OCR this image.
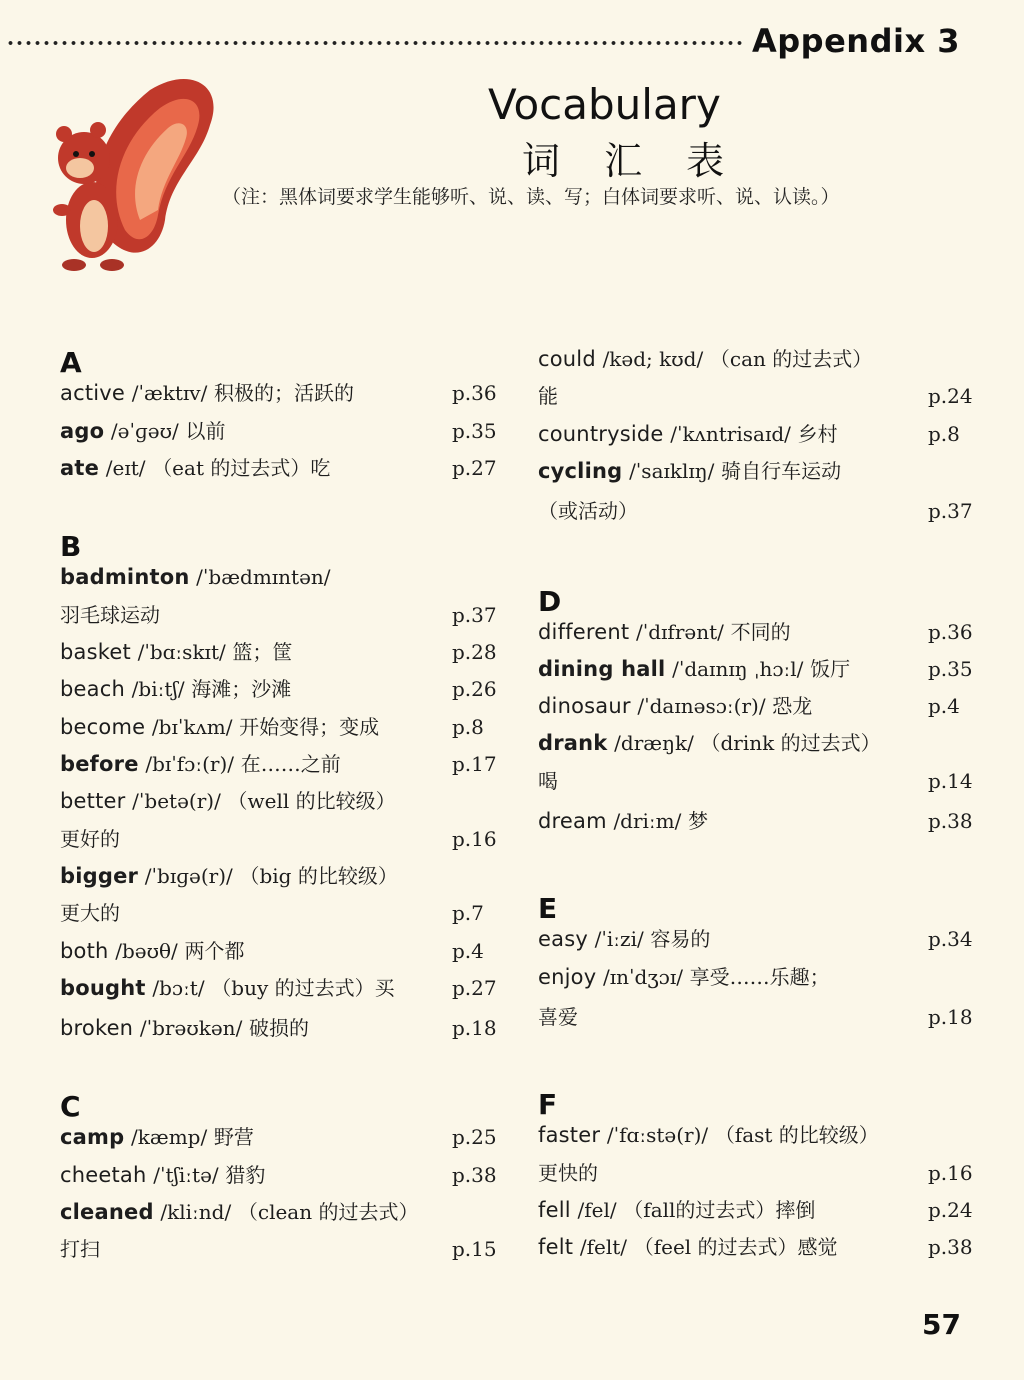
Appendix 3
Vocabulary
词 汇 表
（注：黑体词要求学生能够听、说、读、写；白体词要求听、说、认读。）
A
active /ˈæktɪv/ 积极的；活跃的	p.36
ago /əˈɡəʊ/ 以前	p.35
ate /eɪt/ （eat 的过去式）吃	p.27
B
badminton /ˈbædmɪntən/
羽毛球运动	p.37
basket /ˈbɑːskɪt/ 篮；筐	p.28
beach /biːtʃ/ 海滩；沙滩	p.26
become /bɪˈkʌm/ 开始变得；变成	p.8
before /bɪˈfɔː(r)/ 在……之前	p.17
better /ˈbetə(r)/ （well 的比较级）
更好的	p.16
bigger /ˈbɪɡə(r)/ （big 的比较级）
更大的	p.7
both /bəʊθ/ 两个都	p.4
bought /bɔːt/ （buy 的过去式）买	p.27
broken /ˈbrəʊkən/ 破损的	p.18
C
camp /kæmp/ 野营	p.25
cheetah /ˈtʃiːtə/ 猎豹	p.38
cleaned /kliːnd/ （clean 的过去式）
打扫	p.15
could /kəd; kʊd/ （can 的过去式）
能	p.24
countryside /ˈkʌntrisaɪd/ 乡村	p.8
cycling /ˈsaɪklɪŋ/ 骑自行车运动
（或活动）	p.37
D
different /ˈdɪfrənt/ 不同的	p.36
dining hall /ˈdaɪnɪŋ ˌhɔːl/ 饭厅	p.35
dinosaur /ˈdaɪnəsɔː(r)/ 恐龙	p.4
drank /dræŋk/ （drink 的过去式）
喝	p.14
dream /driːm/ 梦	p.38
E
easy /ˈiːzi/ 容易的	p.34
enjoy /ɪnˈdʒɔɪ/ 享受……乐趣；
喜爱	p.18
F
faster /ˈfɑːstə(r)/ （fast 的比较级）
更快的	p.16
fell /fel/ （fall的过去式）摔倒	p.24
felt /felt/ （feel 的过去式）感觉	p.38
57
